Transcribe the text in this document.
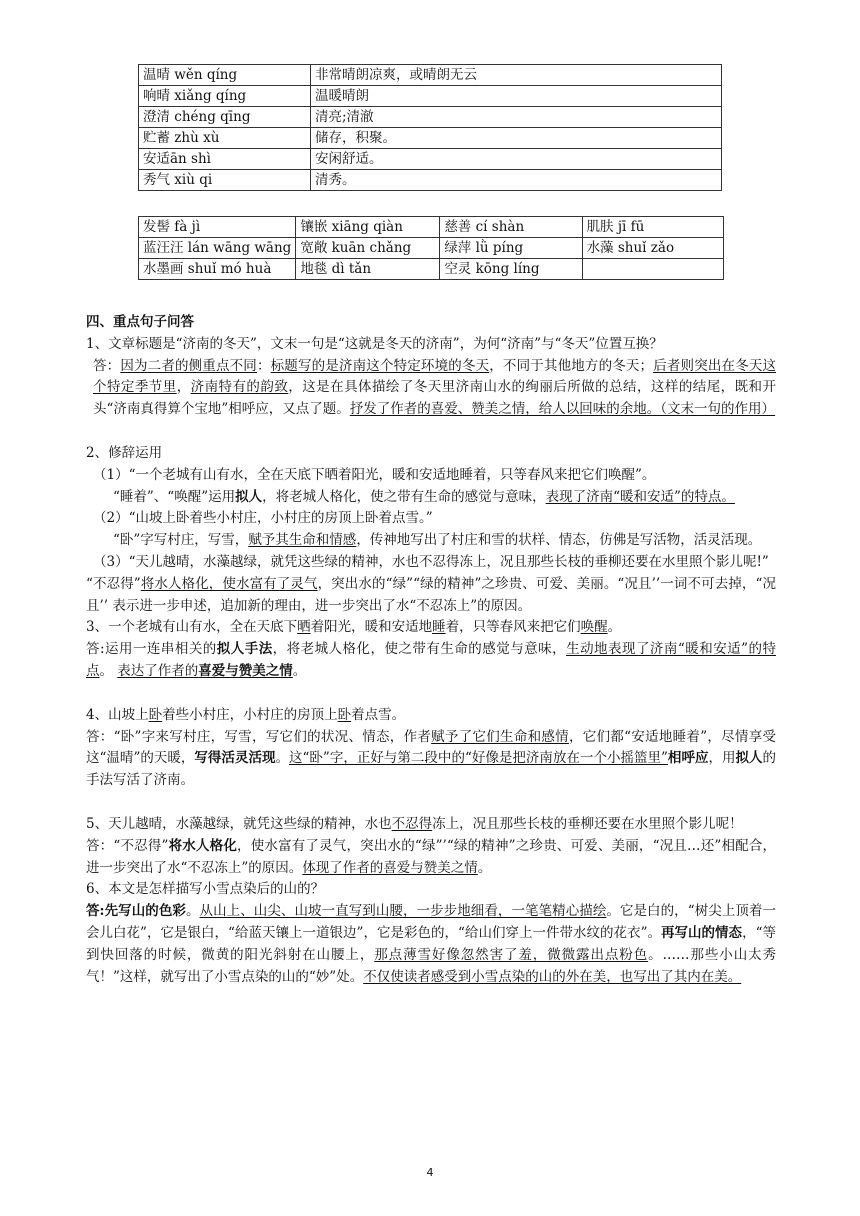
温晴 wěn qíng	非常晴朗凉爽，或晴朗无云
响晴 xiǎng qíng	温暖晴朗
澄清 chéng qīng	清亮;清澈
贮蓄 zhù xù	储存，积聚。
安适ān shì	安闲舒适。
秀气 xiù qi	清秀。
发髻 fà jì	镶嵌 xiāng qiàn	慈善 cí shàn	肌肤 jī fū
蓝汪汪 lán wāng wāng	宽敞 kuān chǎng	绿萍 lǜ píng	水藻 shuǐ zǎo
水墨画 shuǐ mó huà	地毯 dì tǎn	空灵 kōng líng	

四、重点句子问答

1、文章标题是“济南的冬天”，文末一句是“这就是冬天的济南”，为何“济南”与“冬天”位置互换？

答：因为二者的侧重点不同：标题写的是济南这个特定环境的冬天，不同于其他地方的冬天；后者则突出在冬天这个特定季节里，济南特有的韵致，这是在具体描绘了冬天里济南山水的绚丽后所做的总结，这样的结尾，既和开头“济南真得算个宝地”相呼应，又点了题。抒发了作者的喜爱、赞美之情，给人以回味的余地。（文末一句的作用）

2、修辞运用

（1）“一个老城有山有水，全在天底下晒着阳光，暖和安适地睡着，只等春风来把它们唤醒”。

“睡着”、“唤醒”运用拟人，将老城人格化，使之带有生命的感觉与意味，表现了济南“暖和安适”的特点。

（2）“山坡上卧着些小村庄，小村庄的房顶上卧着点雪。”

“卧”字写村庄，写雪，赋予其生命和情感，传神地写出了村庄和雪的状样、情态，仿佛是写活物，活灵活现。

（3）“天儿越晴，水藻越绿，就凭这些绿的精神，水也不忍得冻上，况且那些长枝的垂柳还要在水里照个影儿呢!”

“不忍得”将水人格化，使水富有了灵气，突出水的“绿”“绿的精神”之珍贵、可爱、美丽。“况且’’一词不可去掉，“况且’’ 表示进一步申述，追加新的理由，进一步突出了水“不忍冻上”的原因。

3、一个老城有山有水，全在天底下晒着阳光，暖和安适地睡着，只等春风来把它们唤醒。

答:运用一连串相关的拟人手法，将老城人格化，使之带有生命的感觉与意味，生动地表现了济南“暖和安适”的特点。 表达了作者的喜爱与赞美之情。

4、山坡上卧着些小村庄，小村庄的房顶上卧着点雪。

答：“卧”字来写村庄，写雪，写它们的状况、情态，作者赋予了它们生命和感情，它们都“安适地睡着”，尽情享受这“温晴”的天暖，写得活灵活现。这“卧”字，正好与第二段中的“好像是把济南放在一个小摇篮里”相呼应，用拟人的手法写活了济南。

5、天儿越晴，水藻越绿，就凭这些绿的精神，水也不忍得冻上，况且那些长枝的垂柳还要在水里照个影儿呢！

答：“不忍得”将水人格化，使水富有了灵气，突出水的“绿”’“绿的精神”之珍贵、可爱、美丽，“况且…还”相配合，进一步突出了水“不忍冻上”的原因。体现了作者的喜爱与赞美之情。

6、本文是怎样描写小雪点染后的山的？

答:先写山的色彩。从山上、山尖、山坡一直写到山腰，一步步地细看，一笔笔精心描绘。它是白的，“树尖上顶着一会儿白花”，它是银白，“给蓝天镶上一道银边”，它是彩色的，“给山们穿上一件带水纹的花衣”。再写山的情态，“等到快回落的时候，微黄的阳光斜射在山腰上，那点薄雪好像忽然害了羞，微微露出点粉色。……那些小山太秀气！”这样，就写出了小雪点染的山的“妙”处。不仅使读者感受到小雪点染的山的外在美，也写出了其内在美。

4
